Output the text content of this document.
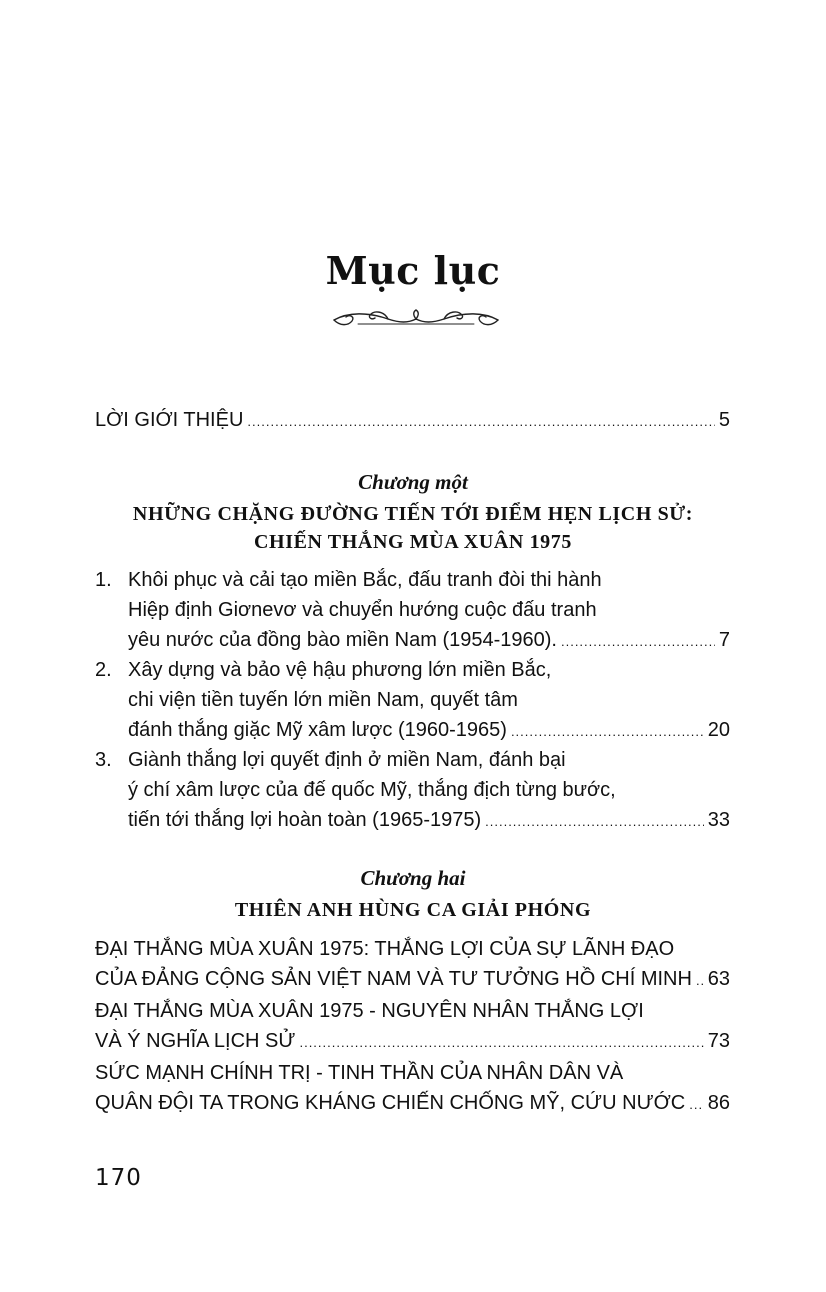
Mục lục
LỜI GIỚI THIỆU .....	5
Chương một
NHỮNG CHẶNG ĐƯỜNG TIẾN TỚI ĐIỂM HẸN LỊCH SỬ:
CHIẾN THẮNG MÙA XUÂN 1975
1. Khôi phục và cải tạo miền Bắc, đấu tranh đòi thi hành
Hiệp định Giơnevơ và chuyển hướng cuộc đấu tranh
yêu nước của đồng bào miền Nam (1954-1960). .....	7
2. Xây dựng và bảo vệ hậu phương lớn miền Bắc,
chi viện tiền tuyến lớn miền Nam, quyết tâm
đánh thắng giặc Mỹ xâm lược (1960-1965) .....	20
3. Giành thắng lợi quyết định ở miền Nam, đánh bại
ý chí xâm lược của đế quốc Mỹ, thắng địch từng bước,
tiến tới thắng lợi hoàn toàn (1965-1975) .....	33
Chương hai
THIÊN ANH HÙNG CA GIẢI PHÓNG
ĐẠI THẮNG MÙA XUÂN 1975: THẮNG LỢI CỦA SỰ LÃNH ĐẠO
CỦA ĐẢNG CỘNG SẢN VIỆT NAM VÀ TƯ TƯỞNG HỒ CHÍ MINH ..... 63
ĐẠI THẮNG MÙA XUÂN 1975 - NGUYÊN NHÂN THẮNG LỢI
VÀ Ý NGHĨA LỊCH SỬ .....	73
SỨC MẠNH CHÍNH TRỊ - TINH THẦN CỦA NHÂN DÂN VÀ
QUÂN ĐỘI TA TRONG KHÁNG CHIẾN CHỐNG MỸ, CỨU NƯỚC ..... 86
170
